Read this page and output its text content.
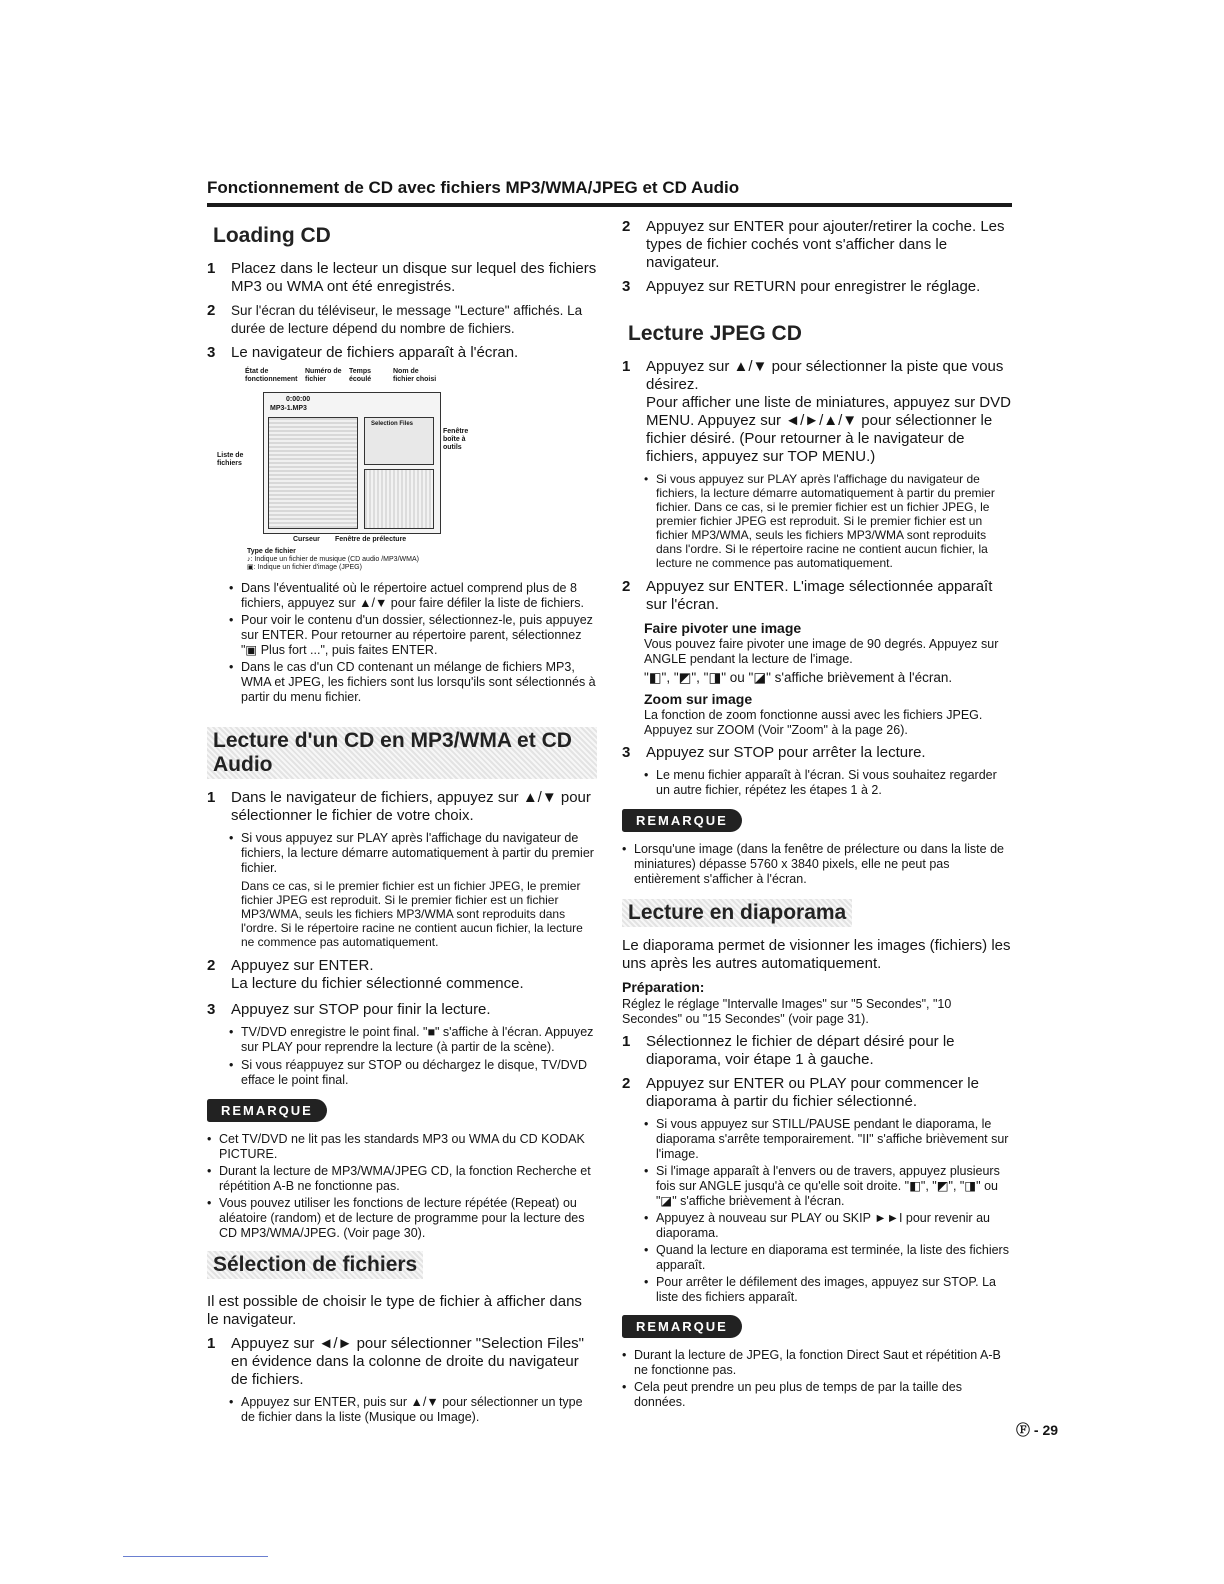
Fonctionnement de CD avec fichiers MP3/WMA/JPEG et CD Audio
Loading CD
1	Placez dans le lecteur un disque sur lequel des fichiers MP3 ou WMA ont été enregistrés.
2	Sur l'écran du téléviseur, le message "Lecture" affichés. La durée de lecture dépend du nombre de fichiers.
3	Le navigateur de fichiers apparaît à l'écran.
État de fonctionnement
Numéro de fichier
Temps écoulé
Nom de fichier choisi
0:00:00
MP3-1.MP3
Selection Files
Liste de fichiers
Fenêtre boîte à outils
Curseur Fenêtre de prélecture
Type de fichier
♪: Indique un fichier de musique (CD audio /MP3/WMA)
▣: Indique un fichier d'image (JPEG)
• Dans l'éventualité où le répertoire actuel comprend plus de 8 fichiers, appuyez sur ▲/▼ pour faire défiler la liste de fichiers.
• Pour voir le contenu d'un dossier, sélectionnez-le, puis appuyez sur ENTER. Pour retourner au répertoire parent, sélectionnez "▣ Plus fort ...", puis faites ENTER.
• Dans le cas d'un CD contenant un mélange de fichiers MP3, WMA et JPEG, les fichiers sont lus lorsqu'ils sont sélectionnés à partir du menu fichier.
Lecture d'un CD en MP3/WMA et CD Audio
1	Dans le navigateur de fichiers, appuyez sur ▲/▼ pour sélectionner le fichier de votre choix.
• Si vous appuyez sur PLAY après l'affichage du navigateur de fichiers, la lecture démarre automatiquement à partir du premier fichier.
Dans ce cas, si le premier fichier est un fichier JPEG, le premier fichier JPEG est reproduit. Si le premier fichier est un fichier MP3/WMA, seuls les fichiers MP3/WMA sont reproduits dans l'ordre. Si le répertoire racine ne contient aucun fichier, la lecture ne commence pas automatiquement.
2	Appuyez sur ENTER.
La lecture du fichier sélectionné commence.
3	Appuyez sur STOP pour finir la lecture.
• TV/DVD enregistre le point final. "■" s'affiche à l'écran. Appuyez sur PLAY pour reprendre la lecture (à partir de la scène).
• Si vous réappuyez sur STOP ou déchargez le disque, TV/DVD efface le point final.
REMARQUE
• Cet TV/DVD ne lit pas les standards MP3 ou WMA du CD KODAK PICTURE.
• Durant la lecture de MP3/WMA/JPEG CD, la fonction Recherche et répétition A-B ne fonctionne pas.
• Vous pouvez utiliser les fonctions de lecture répétée (Repeat) ou aléatoire (random) et de lecture de programme pour la lecture des CD MP3/WMA/JPEG. (Voir page 30).
Sélection de fichiers
Il est possible de choisir le type de fichier à afficher dans le navigateur.
1	Appuyez sur ◄/► pour sélectionner "Selection Files" en évidence dans la colonne de droite du navigateur de fichiers.
• Appuyez sur ENTER, puis sur ▲/▼ pour sélectionner un type de fichier dans la liste (Musique ou Image).
2	Appuyez sur ENTER pour ajouter/retirer la coche. Les types de fichier cochés vont s'afficher dans le navigateur.
3	Appuyez sur RETURN pour enregistrer le réglage.
Lecture JPEG CD
1	Appuyez sur ▲/▼ pour sélectionner la piste que vous désirez.
Pour afficher une liste de miniatures, appuyez sur DVD MENU. Appuyez sur ◄/►/▲/▼ pour sélectionner le fichier désiré. (Pour retourner à le navigateur de fichiers, appuyez sur TOP MENU.)
• Si vous appuyez sur PLAY après l'affichage du navigateur de fichiers, la lecture démarre automatiquement à partir du premier fichier. Dans ce cas, si le premier fichier est un fichier JPEG, le premier fichier JPEG est reproduit. Si le premier fichier est un fichier MP3/WMA, seuls les fichiers MP3/WMA sont reproduits dans l'ordre. Si le répertoire racine ne contient aucun fichier, la lecture ne commence pas automatiquement.
2	Appuyez sur ENTER. L'image sélectionnée apparaît sur l'écran.
Faire pivoter une image
Vous pouvez faire pivoter une image de 90 degrés. Appuyez sur ANGLE pendant la lecture de l'image.
"◧", "◩", "◨" ou "◪" s'affiche brièvement à l'écran.
Zoom sur image
La fonction de zoom fonctionne aussi avec les fichiers JPEG. Appuyez sur ZOOM (Voir "Zoom" à la page 26).
3	Appuyez sur STOP pour arrêter la lecture.
• Le menu fichier apparaît à l'écran. Si vous souhaitez regarder un autre fichier, répétez les étapes 1 à 2.
REMARQUE
• Lorsqu'une image (dans la fenêtre de prélecture ou dans la liste de miniatures) dépasse 5760 x 3840 pixels, elle ne peut pas entièrement s'afficher à l'écran.
Lecture en diaporama
Le diaporama permet de visionner les images (fichiers) les uns après les autres automatiquement.
Préparation:
Réglez le réglage "Intervalle Images" sur "5 Secondes", "10 Secondes" ou "15 Secondes" (voir page 31).
1	Sélectionnez le fichier de départ désiré pour le diaporama, voir étape 1 à gauche.
2	Appuyez sur ENTER ou PLAY pour commencer le diaporama à partir du fichier sélectionné.
• Si vous appuyez sur STILL/PAUSE pendant le diaporama, le diaporama s'arrête temporairement. "II" s'affiche brièvement sur l'image.
• Si l'image apparaît à l'envers ou de travers, appuyez plusieurs fois sur ANGLE jusqu'à ce qu'elle soit droite. "◧", "◩", "◨" ou "◪" s'affiche brièvement à l'écran.
• Appuyez à nouveau sur PLAY ou SKIP ►►I pour revenir au diaporama.
• Quand la lecture en diaporama est terminée, la liste des fichiers apparaît.
• Pour arrêter le défilement des images, appuyez sur STOP. La liste des fichiers apparaît.
REMARQUE
• Durant la lecture de JPEG, la fonction Direct Saut et répétition A-B ne fonctionne pas.
• Cela peut prendre un peu plus de temps de par la taille des données.
Ⓕ - 29
